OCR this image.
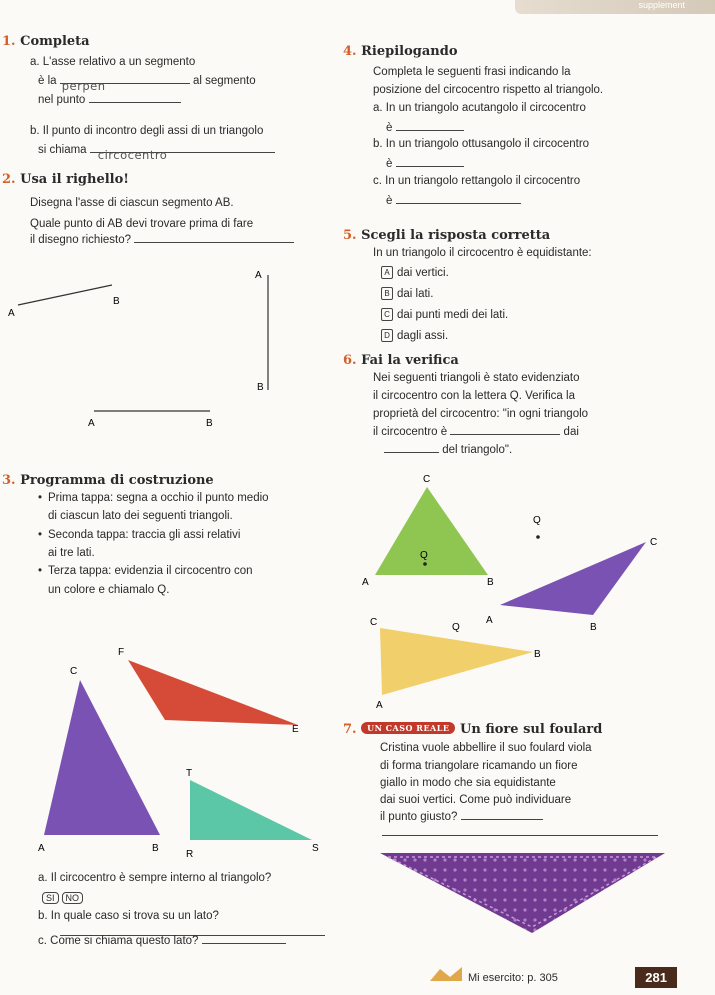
supplement
1. Completa
a. L'asse relativo a un segmento
è la perpen	al segmento
nel punto
b. Il punto di incontro degli assi di un triangolo
si chiama circocentro
2. Usa il righello!
Disegna l'asse di ciascun segmento AB.
Quale punto di AB devi trovare prima di fare
il disegno richiesto?
A
B
A
B
A	B
3. Programma di costruzione
• Prima tappa: segna a occhio il punto medio
di ciascun lato dei seguenti triangoli.
• Seconda tappa: traccia gli assi relativi
ai tre lati.
• Terza tappa: evidenzia il circocentro con
un colore e chiamalo Q.
C
A	B
F
E
T
R
S
a. Il circocentro è sempre interno al triangolo?
SI NO
b. In quale caso si trova su un lato?
c. Come si chiama questo lato?
4. Riepilogando
Completa le seguenti frasi indicando la
posizione del circocentro rispetto al triangolo.
a. In un triangolo acutangolo il circocentro
è
b. In un triangolo ottusangolo il circocentro
è
c. In un triangolo rettangolo il circocentro
è
5. Scegli la risposta corretta
In un triangolo il circocentro è equidistante:
A dai vertici.
B dai lati.
C dai punti medi dei lati.
D dagli assi.
6. Fai la verifica
Nei seguenti triangoli è stato evidenziato
il circocentro con la lettera Q. Verifica la
proprietà del circocentro: "in ogni triangolo
il circocentro è	dai
del triangolo".
C
Q
A	B
Q
C
A
B
C	Q
B
A
7. UN CASO REALE Un fiore sul foulard
Cristina vuole abbellire il suo foulard viola
di forma triangolare ricamando un fiore
giallo in modo che sia equidistante
dai suoi vertici. Come può individuare
il punto giusto?
Mi esercito: p. 305	281
